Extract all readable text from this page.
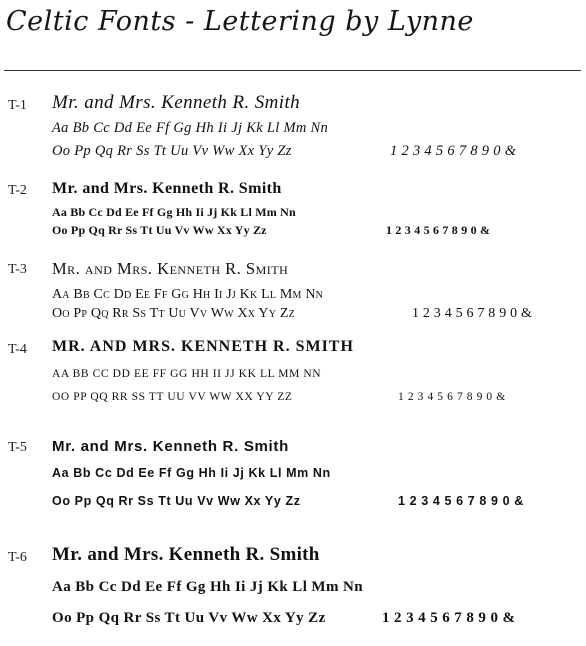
Celtic Fonts - Lettering by Lynne
T-1 Mr. and Mrs. Kenneth R. Smith
Aa Bb Cc Dd Ee Ff Gg Hh Ii Jj Kk Ll Mm Nn
Oo Pp Qq Rr Ss Tt Uu Vv Ww Xx Yy Zz	1 2 3 4 5 6 7 8 9 0 &
T-2 Mr. and Mrs. Kenneth R. Smith
Aa Bb Cc Dd Ee Ff Gg Hh Ii Jj Kk Ll Mm Nn
Oo Pp Qq Rr Ss Tt Uu Vv Ww Xx Yy Zz	1 2 3 4 5 6 7 8 9 0 &
T-3 Mr. and Mrs. Kenneth R. Smith
Aa Bb Cc Dd Ee Ff Gg Hh Ii Jj Kk Ll Mm Nn
Oo Pp Qq Rr Ss Tt Uu Vv Ww Xx Yy Zz	1 2 3 4 5 6 7 8 9 0 &
T-4 MR. AND MRS. KENNETH R. SMITH
AA BB CC DD EE FF GG HH II JJ KK LL MM NN
OO PP QQ RR SS TT UU VV WW XX YY ZZ	1 2 3 4 5 6 7 8 9 0 &
T-5 Mr. and Mrs. Kenneth R. Smith
Aa Bb Cc Dd Ee Ff Gg Hh Ii Jj Kk Ll Mm Nn
Oo Pp Qq Rr Ss Tt Uu Vv Ww Xx Yy Zz	1 2 3 4 5 6 7 8 9 0 &
T-6 Mr. and Mrs. Kenneth R. Smith
Aa Bb Cc Dd Ee Ff Gg Hh Ii Jj Kk Ll Mm Nn
Oo Pp Qq Rr Ss Tt Uu Vv Ww Xx Yy Zz	1 2 3 4 5 6 7 8 9 0 &
